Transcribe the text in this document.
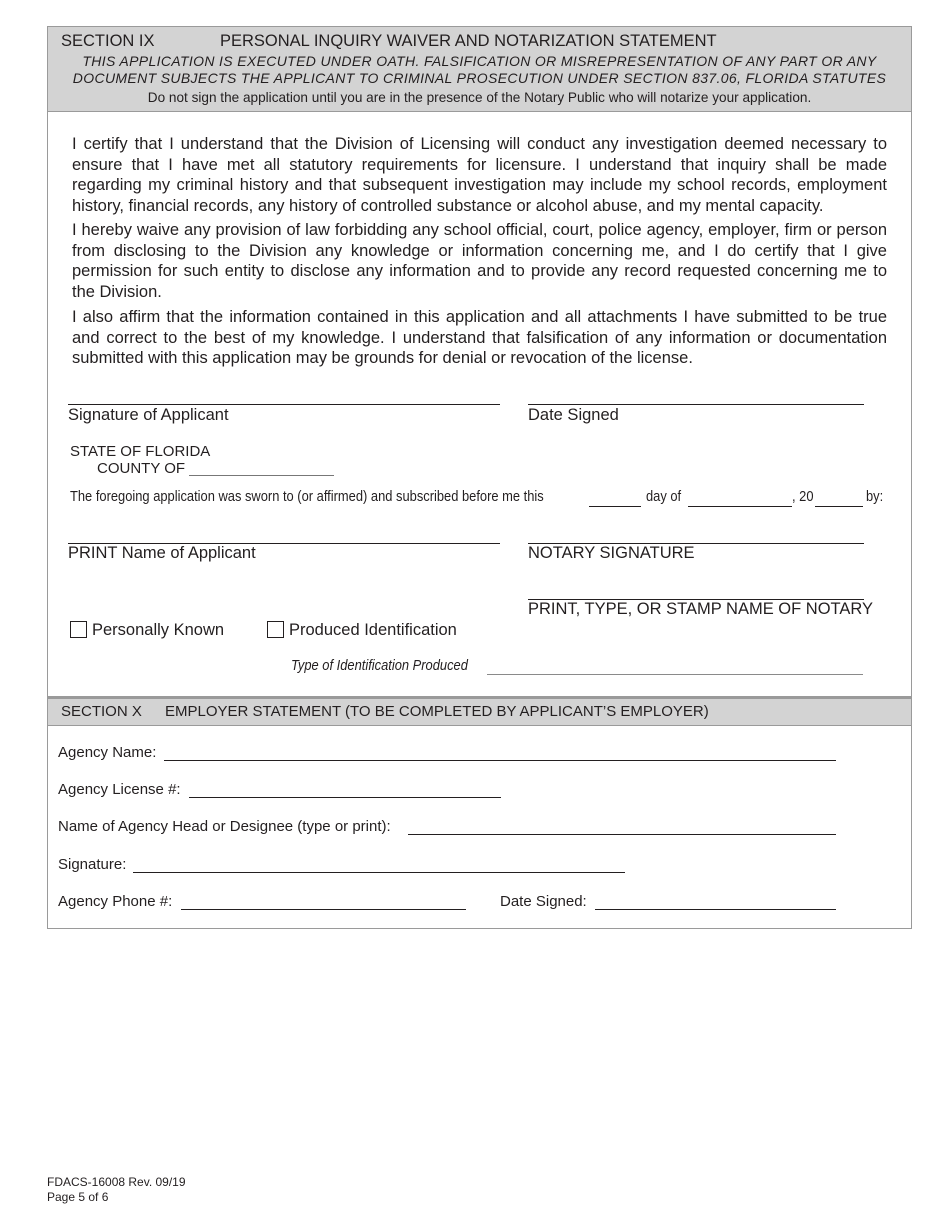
SECTION IX	PERSONAL INQUIRY WAIVER AND NOTARIZATION STATEMENT
THIS APPLICATION IS EXECUTED UNDER OATH. FALSIFICATION OR MISREPRESENTATION OF ANY PART OR ANY
DOCUMENT SUBJECTS THE APPLICANT TO CRIMINAL PROSECUTION UNDER SECTION 837.06, FLORIDA STATUTES
Do not sign the application until you are in the presence of the Notary Public who will notarize your application.
I certify that I understand that the Division of Licensing will conduct any investigation deemed necessary to ensure that I have met all statutory requirements for licensure. I understand that inquiry shall be made regarding my criminal history and that subsequent investigation may include my school records, employment history, financial records, any history of controlled substance or alcohol abuse, and my mental capacity.
I hereby waive any provision of law forbidding any school official, court, police agency, employer, firm or person from disclosing to the Division any knowledge or information concerning me, and I do certify that I give permission for such entity to disclose any information and to provide any record requested concerning me to the Division.
I also affirm that the information contained in this application and all attachments I have submitted to be true and correct to the best of my knowledge. I understand that falsification of any information or documentation submitted with this application may be grounds for denial or revocation of the license.
Signature of Applicant	Date Signed
STATE OF FLORIDA
COUNTY OF
The foregoing application was sworn to (or affirmed) and subscribed before me this	day of	, 20	by:
PRINT Name of Applicant	NOTARY SIGNATURE
PRINT, TYPE, OR STAMP NAME OF NOTARY
Personally Known	Produced Identification
Type of Identification Produced
SECTION X EMPLOYER STATEMENT (TO BE COMPLETED BY APPLICANT’S EMPLOYER)
Agency Name:
Agency License #:
Name of Agency Head or Designee (type or print):
Signature:
Agency Phone #:	Date Signed:
FDACS-16008 Rev. 09/19
Page 5 of 6
